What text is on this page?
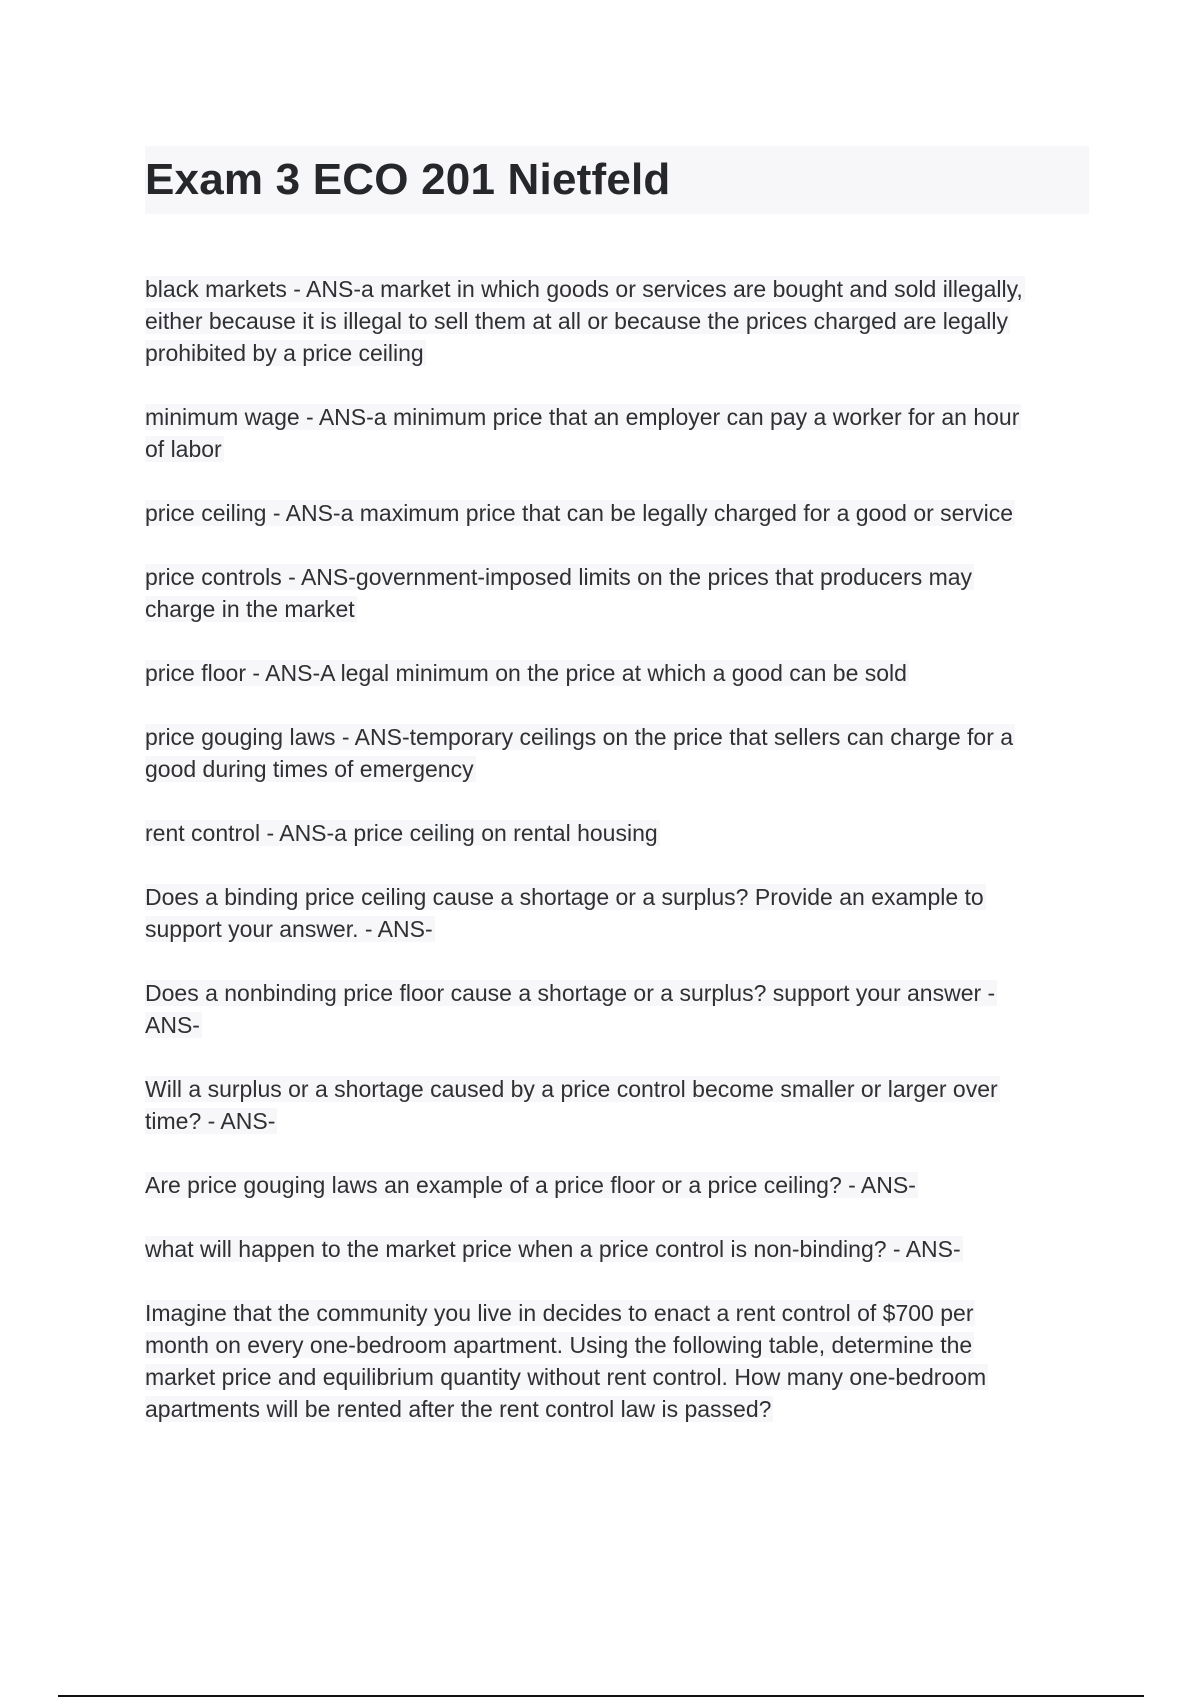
Exam 3 ECO 201 Nietfeld

black markets - ANS-a market in which goods or services are bought and sold illegally,
either because it is illegal to sell them at all or because the prices charged are legally
prohibited by a price ceiling

minimum wage - ANS-a minimum price that an employer can pay a worker for an hour
of labor

price ceiling - ANS-a maximum price that can be legally charged for a good or service

price controls - ANS-government-imposed limits on the prices that producers may
charge in the market

price floor - ANS-A legal minimum on the price at which a good can be sold

price gouging laws - ANS-temporary ceilings on the price that sellers can charge for a
good during times of emergency

rent control - ANS-a price ceiling on rental housing

Does a binding price ceiling cause a shortage or a surplus? Provide an example to
support your answer. - ANS-

Does a nonbinding price floor cause a shortage or a surplus? support your answer -
ANS-

Will a surplus or a shortage caused by a price control become smaller or larger over
time? - ANS-

Are price gouging laws an example of a price floor or a price ceiling? - ANS-

what will happen to the market price when a price control is non-binding? - ANS-

Imagine that the community you live in decides to enact a rent control of $700 per
month on every one-bedroom apartment. Using the following table, determine the
market price and equilibrium quantity without rent control. How many one-bedroom
apartments will be rented after the rent control law is passed?
